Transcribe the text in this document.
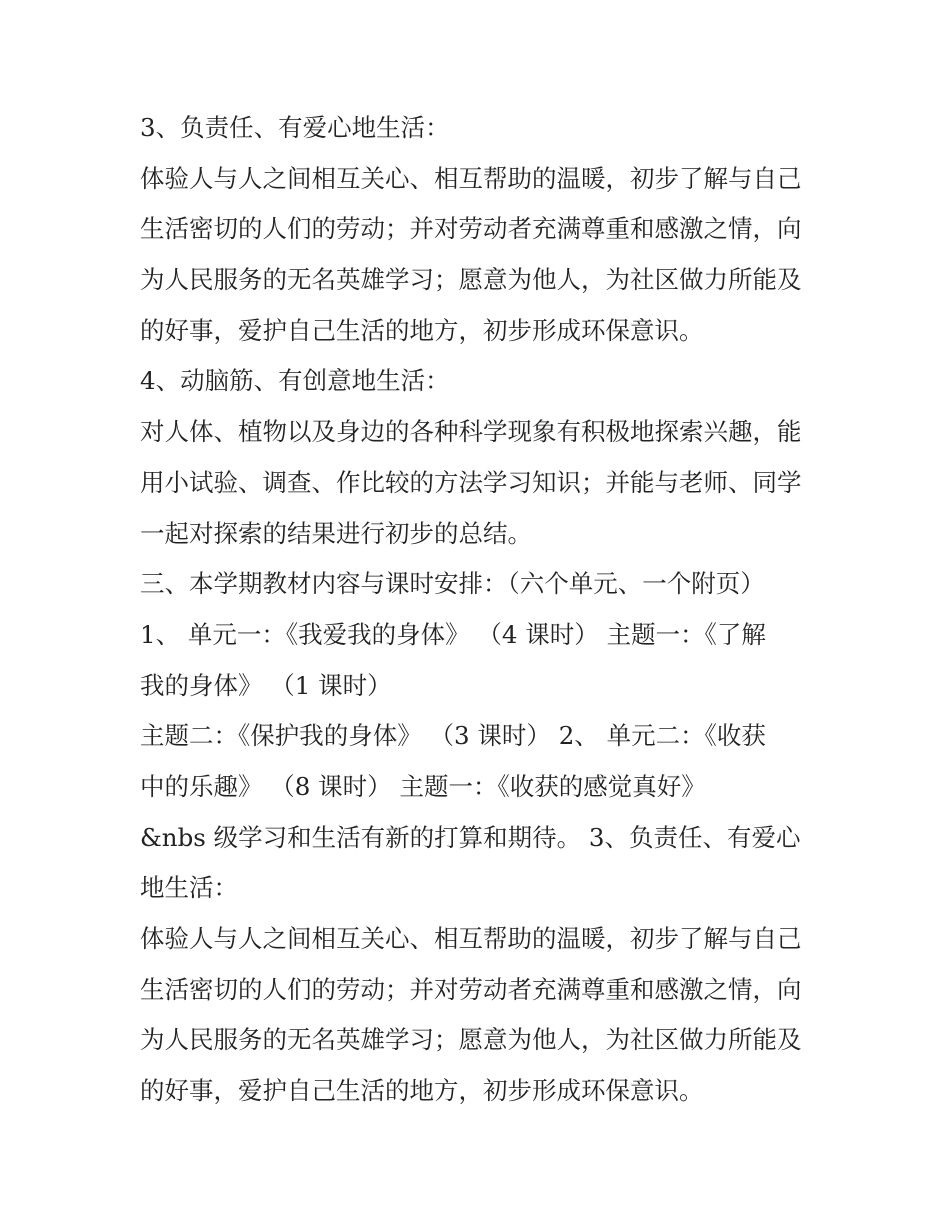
3、负责任、有爱心地生活：
体验人与人之间相互关心、相互帮助的温暖，初步了解与自己
生活密切的人们的劳动；并对劳动者充满尊重和感激之情，向
为人民服务的无名英雄学习；愿意为他人，为社区做力所能及
的好事，爱护自己生活的地方，初步形成环保意识。
4、动脑筋、有创意地生活：
对人体、植物以及身边的各种科学现象有积极地探索兴趣，能
用小试验、调查、作比较的方法学习知识；并能与老师、同学
一起对探索的结果进行初步的总结。
三、本学期教材内容与课时安排：（六个单元、一个附页）
1、 单元一：《我爱我的身体》 （4 课时） 主题一：《了解
我的身体》 （1 课时）
主题二：《保护我的身体》 （3 课时） 2、 单元二：《收获
中的乐趣》 （8 课时） 主题一：《收获的感觉真好》
&nbs 级学习和生活有新的打算和期待。 3、负责任、有爱心
地生活：
体验人与人之间相互关心、相互帮助的温暖，初步了解与自己
生活密切的人们的劳动；并对劳动者充满尊重和感激之情，向
为人民服务的无名英雄学习；愿意为他人，为社区做力所能及
的好事，爱护自己生活的地方，初步形成环保意识。
